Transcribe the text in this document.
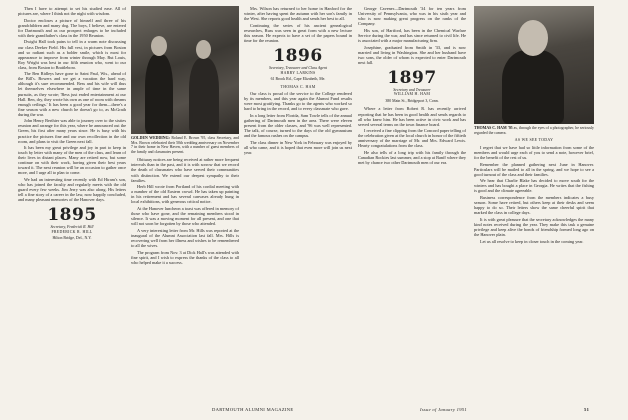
Then I have to attempt to set his studied ease. All of pictures are, where I think not the night with wisdom.

Doctor encloses a picture of himself and three of his grandchildren and many dog. The boys, I believe, are entered for Dartmouth and as our prospect enlarges to be included with their grandfather's class in the 1950 Reunion.

Dwight Hall took pains to tell in a warm note discussing our class Deeker Field. His full vest, in pictures from Boston and so radiant such as a bolder smile, which is most for appearance to improve from winter through May. But Louis, Roy Wright was best in our fifth reunion who, went to our class, from Boston to Brattleboro.

The Ben Ridleys have gone to Saint Paul, Wis., ahead of the Bill's. Bowers and we get a vacation the hard way, although it's sure recommended. Bess and his wife will thus let themselves elsewhere in ample of time in the same pursuits, as they wrote; 'Bess just ended entertainment at our Hall. Ben, dry, they wrote his own as one of room with dreams enough ceilings.' It has been a good year for them—there's a fine season with a new church he doesn't go to, as McGrath during the war.

John Henry Berthier was able to journey over to the sixties reunion and arrange for this year, where he announced out the Green, his first after many years since. He is busy with his practice the pictures fine and our own recollection in the old room, and plans to visit the Green next fall.

It has been my great privilege and joy in part to keep in touch by letter with many of the men of the class, and learn of their lives in distant places. Many are retired now, but some continue on with their work, having given their best years toward it. The next reunion will be an occasion to gather once more, and I urge all to plan to come.

We had an interesting time recently with Ed Hiram's son, who has joined the faculty and regularly meets with the old guard every few weeks. Jim Jerry was also along. His letters tell a fine story of a career in the law, now happily concluded, and many pleasant memories of the Hanover days.

1895
Secretary, Frederick R. Hill
FREDERICK R. HILL
Hilton Bridge, Del., N.Y.
GOLDEN WEDDING: Roland E. Brown '95, class Secretary, and Mrs. Brown celebrated their 50th wedding anniversary on November 7 in their home in New Haven, with a number of guest members of the family and classmates present.

Obituary notices are being received at rather more frequent intervals than in the past, and it is with sorrow that we record the death of classmates who have served their communities with distinction. We extend our deepest sympathy to their families.

Herb Hill wrote from Portland of his cordial meeting with a number of the old Eastern crowd. He has taken up painting in his retirement and has several canvases already hung in local exhibitions, with generous critical notice.

At the Hanover luncheon a toast was offered in memory of those who have gone, and the remaining members stood in silence. It was a moving moment for all present, and one that will not soon be forgotten by those who attended.

A very interesting letter from Mr. Hills was reported at the inaugural of the Alumni Association last fall. Mrs. Hills is recovering well from her illness and wishes to be remembered to all the wives.

The program from Nov. 3 at Dick Hall's was attended with fine spirit, and I wish to express the thanks of the class to all who helped make it a success.

Mrs. Wilson has returned to her home in Hanford for the winter, after having spent the autumn with her son's family in the West. She reports good health and sends her best to all.

Continuing the series of his ancient genealogical researches, Russ was seen in great form with a new lecture this season. He expects to have a set of the papers bound in time for the reunion.

1896
Secretary, Treasurer and Class Agent
HARRY LARKINS
61 Brook Rd., Cape Elizabeth, Me.
THOMAS C. HAM

Our class is proud of the service to the College rendered by its members, and this year again the Alumni Fund results were most gratifying. Thanks go to the agents who worked so hard to bring in the record, and to every classmate who gave.

In a long letter from Florida, Sam Towle tells of the annual gathering of Dartmouth men in the area. There were eleven present from the older classes, and '96 was well represented. The talk, of course, turned to the days of the old gymnasium and the famous rushes on the campus.

The class dinner in New York in February was enjoyed by all who came, and it is hoped that even more will join us next year.

George Cavener—Dartmouth '34 for ten years from University of Pennsylvania, who was in his sixth year and who is now making great progress on the ranks of the Company.

His son, of Hartford, has been in the Chemical Warfare Service during the war, and has since returned to civil life. He is associated with a major manufacturing firm.

Josephine, graduated from Smith in '33, and is now married and living in Washington. She and her husband have two sons, the older of whom is expected to enter Dartmouth next fall.

1897
Secretary and Treasurer
WILLIAM H. HAM
380 Main St., Bridgeport 3, Conn.

Where a letter from Robert R. has recently arrived reporting that he has been in good health and sends regards to all who knew him. He has been active in civic work and has served several terms on the town finance board.

I received a fine clipping from the Concord paper telling of the celebration given at the local church in honor of the fiftieth anniversary of the marriage of Mr. and Mrs. Edward Lewis. Hearty congratulations from the class.

He also tells of a long trip with his family through the Canadian Rockies last summer, and a stop at Banff where they met by chance two other Dartmouth men of our era.

THOMAS C. HAM '95 as, through the eyes of a photographer, he seriously regarded the camera.
AS WE SEE TODAY

I regret that we have had so little information from some of the members and would urge each of you to send a note, however brief, for the benefit of the rest of us.

Remember the planned gathering next June in Hanover. Particulars will be mailed to all in the spring, and we hope to see a good turnout of the class and their families.

We hear that Charlie Blake has decided to move south for the winters and has bought a place in Georgia. He writes that the fishing is good and the climate agreeable.

Business correspondence from the members indicates a busy season. Some have retired, but others keep at their desks and seem happy to do so. Their letters show the same cheerful spirit that marked the class in college days.

It is with great pleasure that the secretary acknowledges the many kind notes received during the year. They make this task a genuine privilege and keep alive the bonds of friendship formed long ago on the Hanover plain.

Let us all resolve to keep in closer touch in the coming year.

DARTMOUTH ALUMNI MAGAZINE	Issue of January 1951	51
